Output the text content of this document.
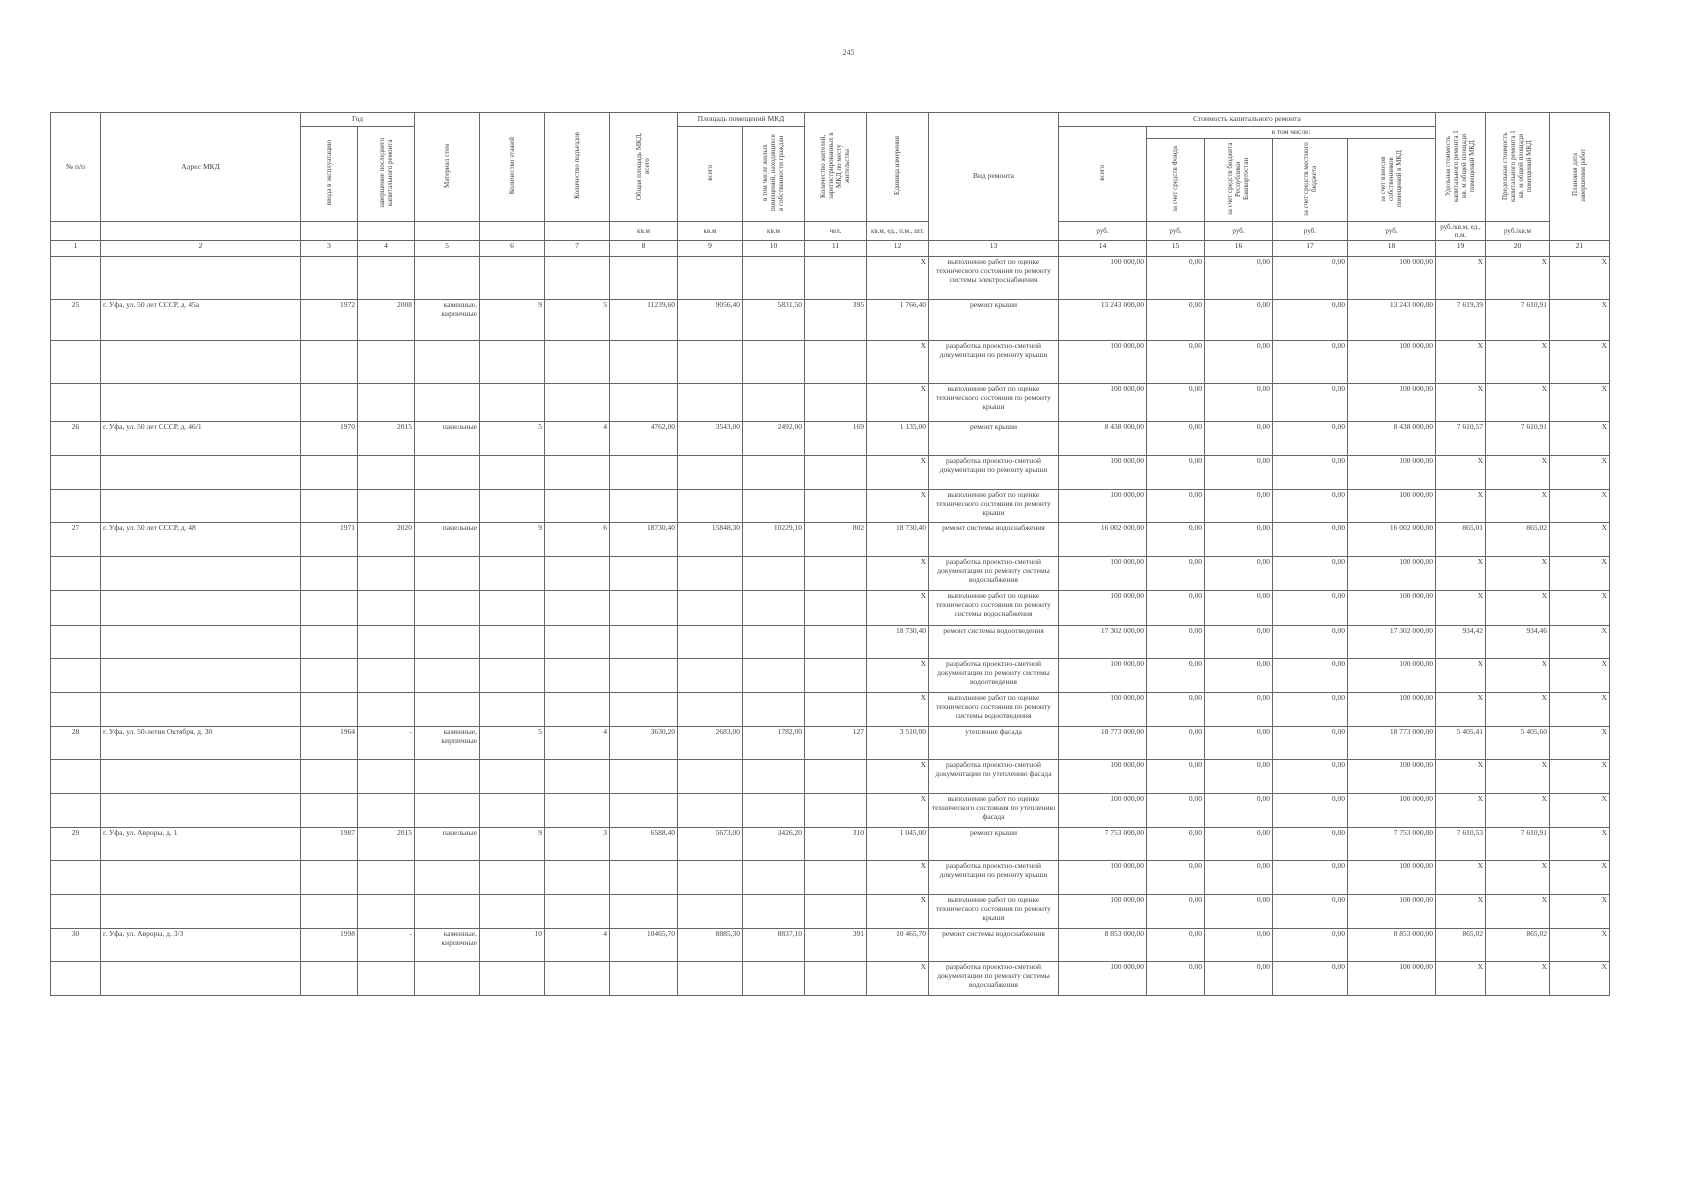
245
№ п/п	Адрес МКД	Год		Материал стен	Количество этажей	Количество подъездов	Общая площадь МКД, всего	Площадь помещений МКД		Количество жителей, зарегистрированных в МКД по месту жительства	Единица измерения	Вид ремонта	Стоимость капитального ремонта					Удельная стоимость капитального ремонта 1 кв. м общей площади помещений МКД	Предельная стоимость капитального ремонта 1 кв. м общей площади помещений МКД	Плановая дата завершения работ
		ввода в эксплуатацию	завершение последнего капитального ремонта					всего	в том числе жилых помещений, находящихся в собственности граждан				всего	в том числе:						
														за счет средств Фонда	за счет средств бюджета Республики Башкортостан	за счет средств местного бюджета	за счет взносов собственников помещений в МКД			
							кв.м	кв.м	кв.м	чел.	кв.м, ед., п.м., шт.		руб.	руб.	руб.	руб.	руб.	руб./кв.м, ед., п.м.	руб./кв.м	
1	2	3	4	5	6	7	8	9	10	11	12	13	14	15	16	17	18	19	20	21
											X	выполнение работ по оценке технического состояния по ремонту системы электроснабжения	100 000,00	0,00	0,00	0,00	100 000,00	X	X	X
25	г. Уфа, ул. 50 лет СССР, д. 45а	1972	2008	каменные, кирпичные	9	5	11239,60	9056,40	5831,50	395	1 766,40	ремонт крыши	13 243 000,00	0,00	0,00	0,00	13 243 000,00	7 619,39	7 610,91	X
											X	разработка проектно-сметной документации по ремонту крыши	100 000,00	0,00	0,00	0,00	100 000,00	X	X	X
											X	выполнение работ по оценке технического состояния по ремонту крыши	100 000,00	0,00	0,00	0,00	100 000,00	X	X	X
26	г. Уфа, ул. 50 лет СССР, д. 46/1	1970	2015	панельные	5	4	4762,00	3543,00	2492,00	169	1 135,00	ремонт крыши	8 438 000,00	0,00	0,00	0,00	8 438 000,00	7 610,57	7 610,91	X
											X	разработка проектно-сметной документации по ремонту крыши	100 000,00	0,00	0,00	0,00	100 000,00	X	X	X
											X	выполнение работ по оценке технического состояния по ремонту крыши	100 000,00	0,00	0,00	0,00	100 000,00	X	X	X
27	г. Уфа, ул. 50 лет СССР, д. 48	1971	2020	панельные	9	6	18730,40	15848,30	10229,10	802	18 730,40	ремонт системы водоснабжения	16 002 000,00	0,00	0,00	0,00	16 002 000,00	865,01	865,02	X
											X	разработка проектно-сметной документации по ремонту системы водоснабжения	100 000,00	0,00	0,00	0,00	100 000,00	X	X	X
											X	выполнение работ по оценке технического состояния по ремонту системы водоснабжения	100 000,00	0,00	0,00	0,00	100 000,00	X	X	X
											18 730,40	ремонт системы водоотведения	17 302 000,00	0,00	0,00	0,00	17 302 000,00	934,42	934,46	X
											X	разработка проектно-сметной документации по ремонту системы водоотведения	100 000,00	0,00	0,00	0,00	100 000,00	X	X	X
											X	выполнение работ по оценке технического состояния по ремонту системы водоотведения	100 000,00	0,00	0,00	0,00	100 000,00	X	X	X
28	г. Уфа, ул. 50-летия Октября, д. 30	1964	-	каменные, кирпичные	5	4	3630,20	2683,00	1782,00	127	3 510,00	утепление фасада	18 773 000,00	0,00	0,00	0,00	18 773 000,00	5 405,41	5 405,60	X
											X	разработка проектно-сметной документации по утеплению фасада	100 000,00	0,00	0,00	0,00	100 000,00	X	X	X
											X	выполнение работ по оценке технического состояния по утеплению фасада	100 000,00	0,00	0,00	0,00	100 000,00	X	X	X
29	г. Уфа, ул. Авроры, д. 1	1987	2015	панельные	9	3	6588,40	5673,00	3426,20	310	1 045,00	ремонт крыши	7 753 000,00	0,00	0,00	0,00	7 753 000,00	7 610,53	7 610,91	X
											X	разработка проектно-сметной документации по ремонту крыши	100 000,00	0,00	0,00	0,00	100 000,00	X	X	X
											X	выполнение работ по оценке технического состояния по ремонту крыши	100 000,00	0,00	0,00	0,00	100 000,00	X	X	X
30	г. Уфа, ул. Авроры, д. 3/3	1998	-	каменные, кирпичные	10	4	10465,70	8885,30	8837,10	391	10 465,70	ремонт системы водоснабжения	8 853 000,00	0,00	0,00	0,00	8 853 000,00	865,02	865,02	X
											X	разработка проектно-сметной документации по ремонту системы водоснабжения	100 000,00	0,00	0,00	0,00	100 000,00	X	X	X
